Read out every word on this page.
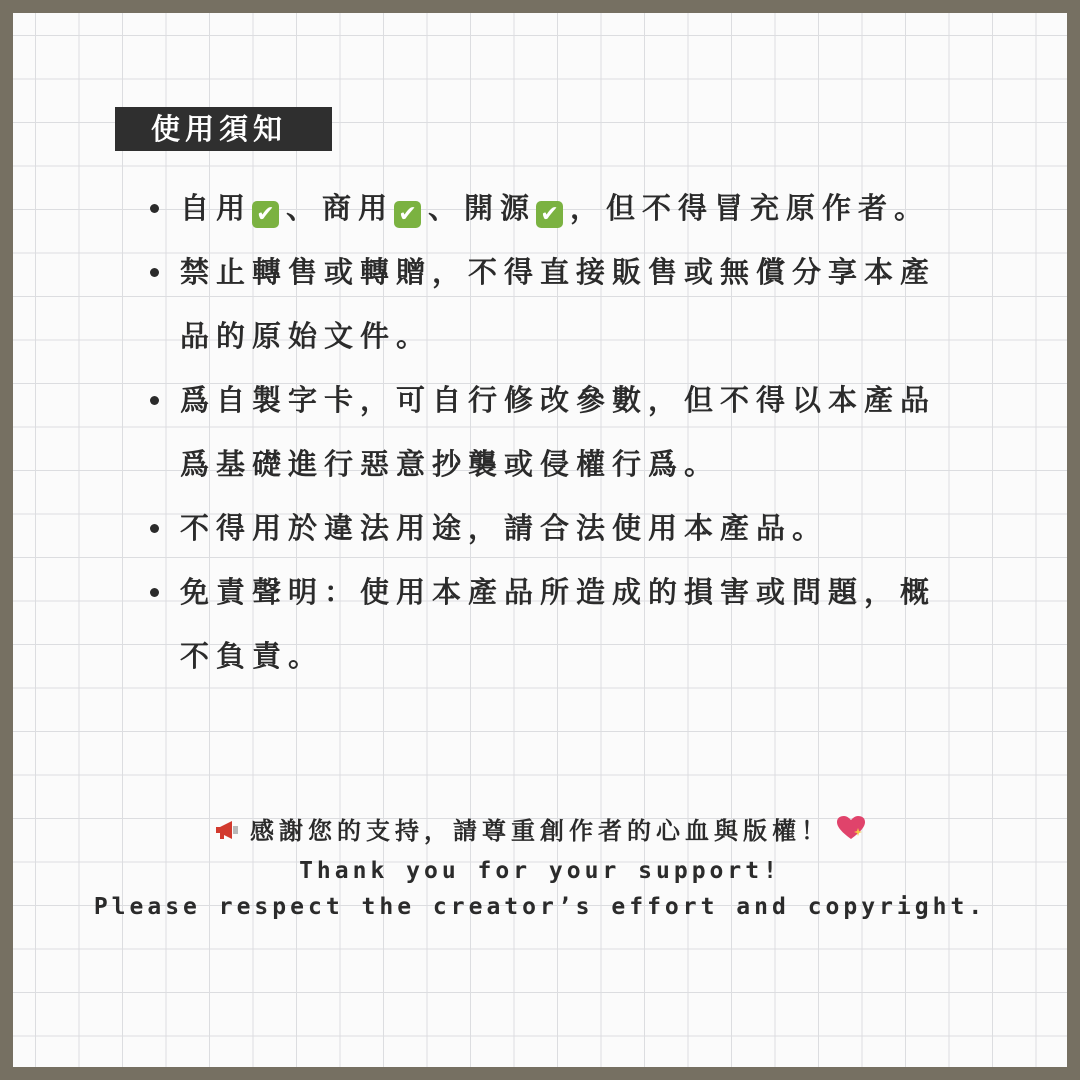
使用須知
自用 ✔ 、商用 ✔ 、開源 ✔ ，但不得冒充原作者。
禁止轉售或轉贈，不得直接販售或無償分享本產品的原始文件。
爲自製字卡，可自行修改參數，但不得以本產品爲基礎進行惡意抄襲或侵權行爲。
不得用於違法用途，請合法使用本產品。
免責聲明：使用本產品所造成的損害或問題，概不負責。
感謝您的支持，請尊重創作者的心血與版權！
Thank you for your support!
Please respect the creator’s effort and copyright.
